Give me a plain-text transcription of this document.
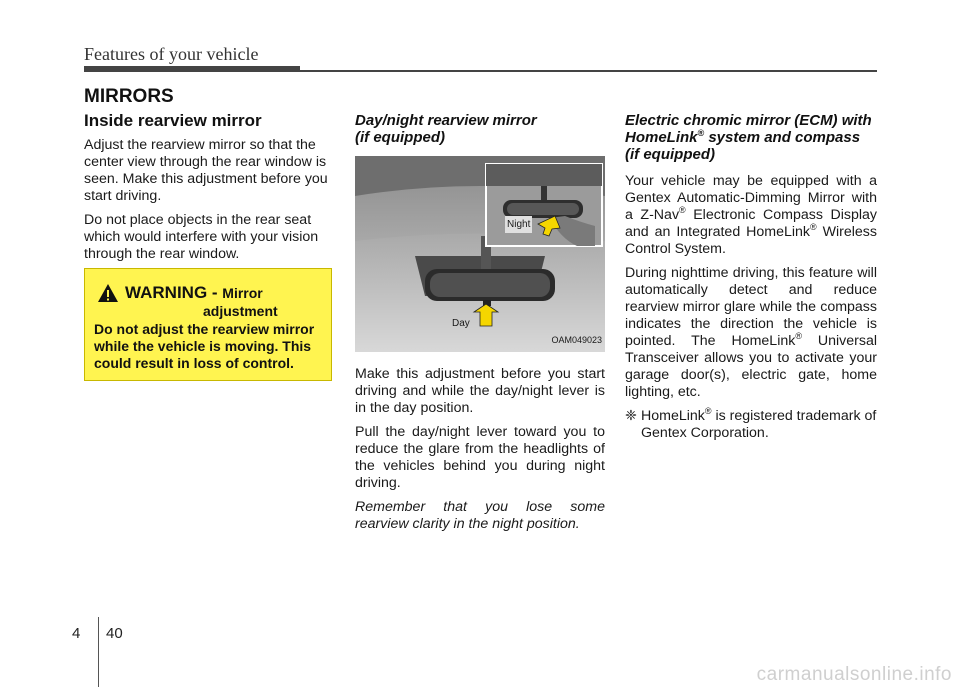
Features of your vehicle
MIRRORS
Inside rearview mirror

Adjust the rearview mirror so that the center view through the rear window is seen. Make this adjustment before you start driving.

Do not place objects in the rear seat which would interfere with your vision through the rear window.

WARNING - Mirror
adjustment
Do not adjust the rearview mirror while the vehicle is moving. This could result in loss of control.
Day/night rearview mirror
(if equipped)
Night
Day
OAM049023

Make this adjustment before you start driving and while the day/night lever is in the day position.

Pull the day/night lever toward you to reduce the glare from the headlights of the vehicles behind you during night driving.

Remember that you lose some rearview clarity in the night position.

Electric chromic mirror (ECM) with HomeLink® system and compass (if equipped)

Your vehicle may be equipped with a Gentex Automatic-Dimming Mirror with a Z-Nav® Electronic Compass Display and an Integrated HomeLink® Wireless Control System.

During nighttime driving, this feature will automatically detect and reduce rearview mirror glare while the compass indicates the direction the vehicle is pointed. The HomeLink® Universal Transceiver allows you to activate your garage door(s), electric gate, home lighting, etc.

❈ HomeLink® is registered trademark of Gentex Corporation.
4 40
carmanualsonline.info
